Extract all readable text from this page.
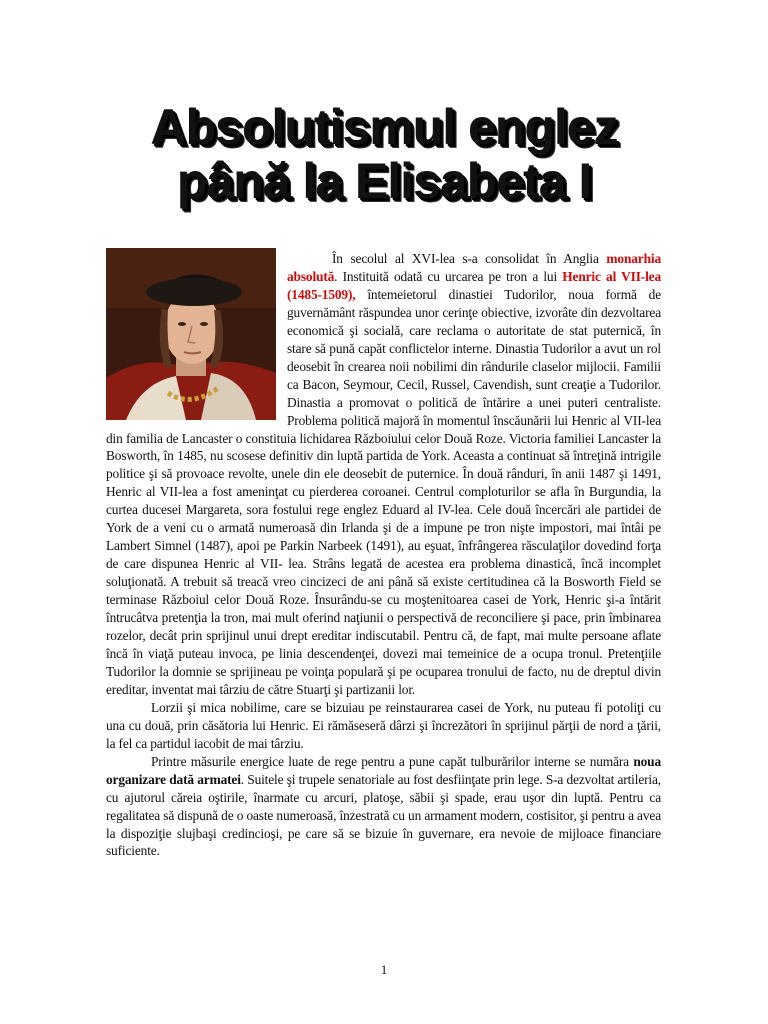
Absolutismul englez
până la Elisabeta I

În secolul al XVI-lea s-a consolidat în Anglia monarhia absolută. Instituită odată cu urcarea pe tron a lui Henric al VII-lea (1485-1509), întemeietorul dinastiei Tudorilor, noua formă de guvernământ răspundea unor cerinţe obiective, izvorâte din dezvoltarea economică şi socială, care reclama o autoritate de stat puternică, în stare să pună capăt conflictelor interne. Dinastia Tudorilor a avut un rol deosebit în crearea noii nobilimi din rândurile claselor mijlocii. Familii ca Bacon, Seymour, Cecil, Russel, Cavendish, sunt creaţie a Tudorilor. Dinastia a promovat o politică de întărire a unei puteri centraliste. Problema politică majoră în momentul înscăunării lui Henric al VII-lea din familia de Lancaster o constituia lichidarea Războiului celor Două Roze. Victoria familiei Lancaster la Bosworth, în 1485, nu scosese definitiv din luptă partida de York. Aceasta a continuat să întreţină intrigile politice şi să provoace revolte, unele din ele deosebit de puternice. În două rânduri, în anii 1487 şi 1491, Henric al VII-lea a fost ameninţat cu pierderea coroanei. Centrul comploturilor se afla în Burgundia, la curtea ducesei Margareta, sora fostului rege englez Eduard al IV-lea. Cele două încercări ale partidei de York de a veni cu o armată numeroasă din Irlanda şi de a impune pe tron nişte impostori, mai întâi pe Lambert Simnel (1487), apoi pe Parkin Narbeek (1491), au eşuat, înfrângerea răsculaţilor dovedind forţa de care dispunea Henric al VII- lea. Strâns legată de acestea era problema dinastică, încă incomplet soluţionată. A trebuit să treacă vreo cincizeci de ani până să existe certitudinea că la Bosworth Field se terminase Războiul celor Două Roze. Însurându-se cu moştenitoarea casei de York, Henric şi-a întărit întrucâtva pretenţia la tron, mai mult oferind naţiunii o perspectivă de reconciliere şi pace, prin îmbinarea rozelor, decât prin sprijinul unui drept ereditar indiscutabil. Pentru că, de fapt, mai multe persoane aflate încă în viaţă puteau invoca, pe linia descendenţei, dovezi mai temeinice de a ocupa tronul. Pretenţiile Tudorilor la domnie se sprijineau pe voinţa populară şi pe ocuparea tronului de facto, nu de dreptul divin ereditar, inventat mai târziu de către Stuarţi şi partizanii lor.

Lorzii şi mica nobilime, care se bizuiau pe reinstaurarea casei de York, nu puteau fi potoliţi cu una cu două, prin căsătoria lui Henric. Ei rămăseseră dârzi şi încrezători în sprijinul părţii de nord a ţării, la fel ca partidul iacobit de mai târziu.

Printre măsurile energice luate de rege pentru a pune capăt tulburărilor interne se număra noua organizare dată armatei. Suitele şi trupele senatoriale au fost desfiinţate prin lege. S-a dezvoltat artileria, cu ajutorul căreia oştirile, înarmate cu arcuri, platoşe, săbii şi spade, erau uşor din luptă. Pentru ca regalitatea să dispună de o oaste numeroasă, înzestrată cu un armament modern, costisitor, şi pentru a avea la dispoziţie slujbaşi credincioşi, pe care să se bizuie în guvernare, era nevoie de mijloace financiare suficiente.

1
